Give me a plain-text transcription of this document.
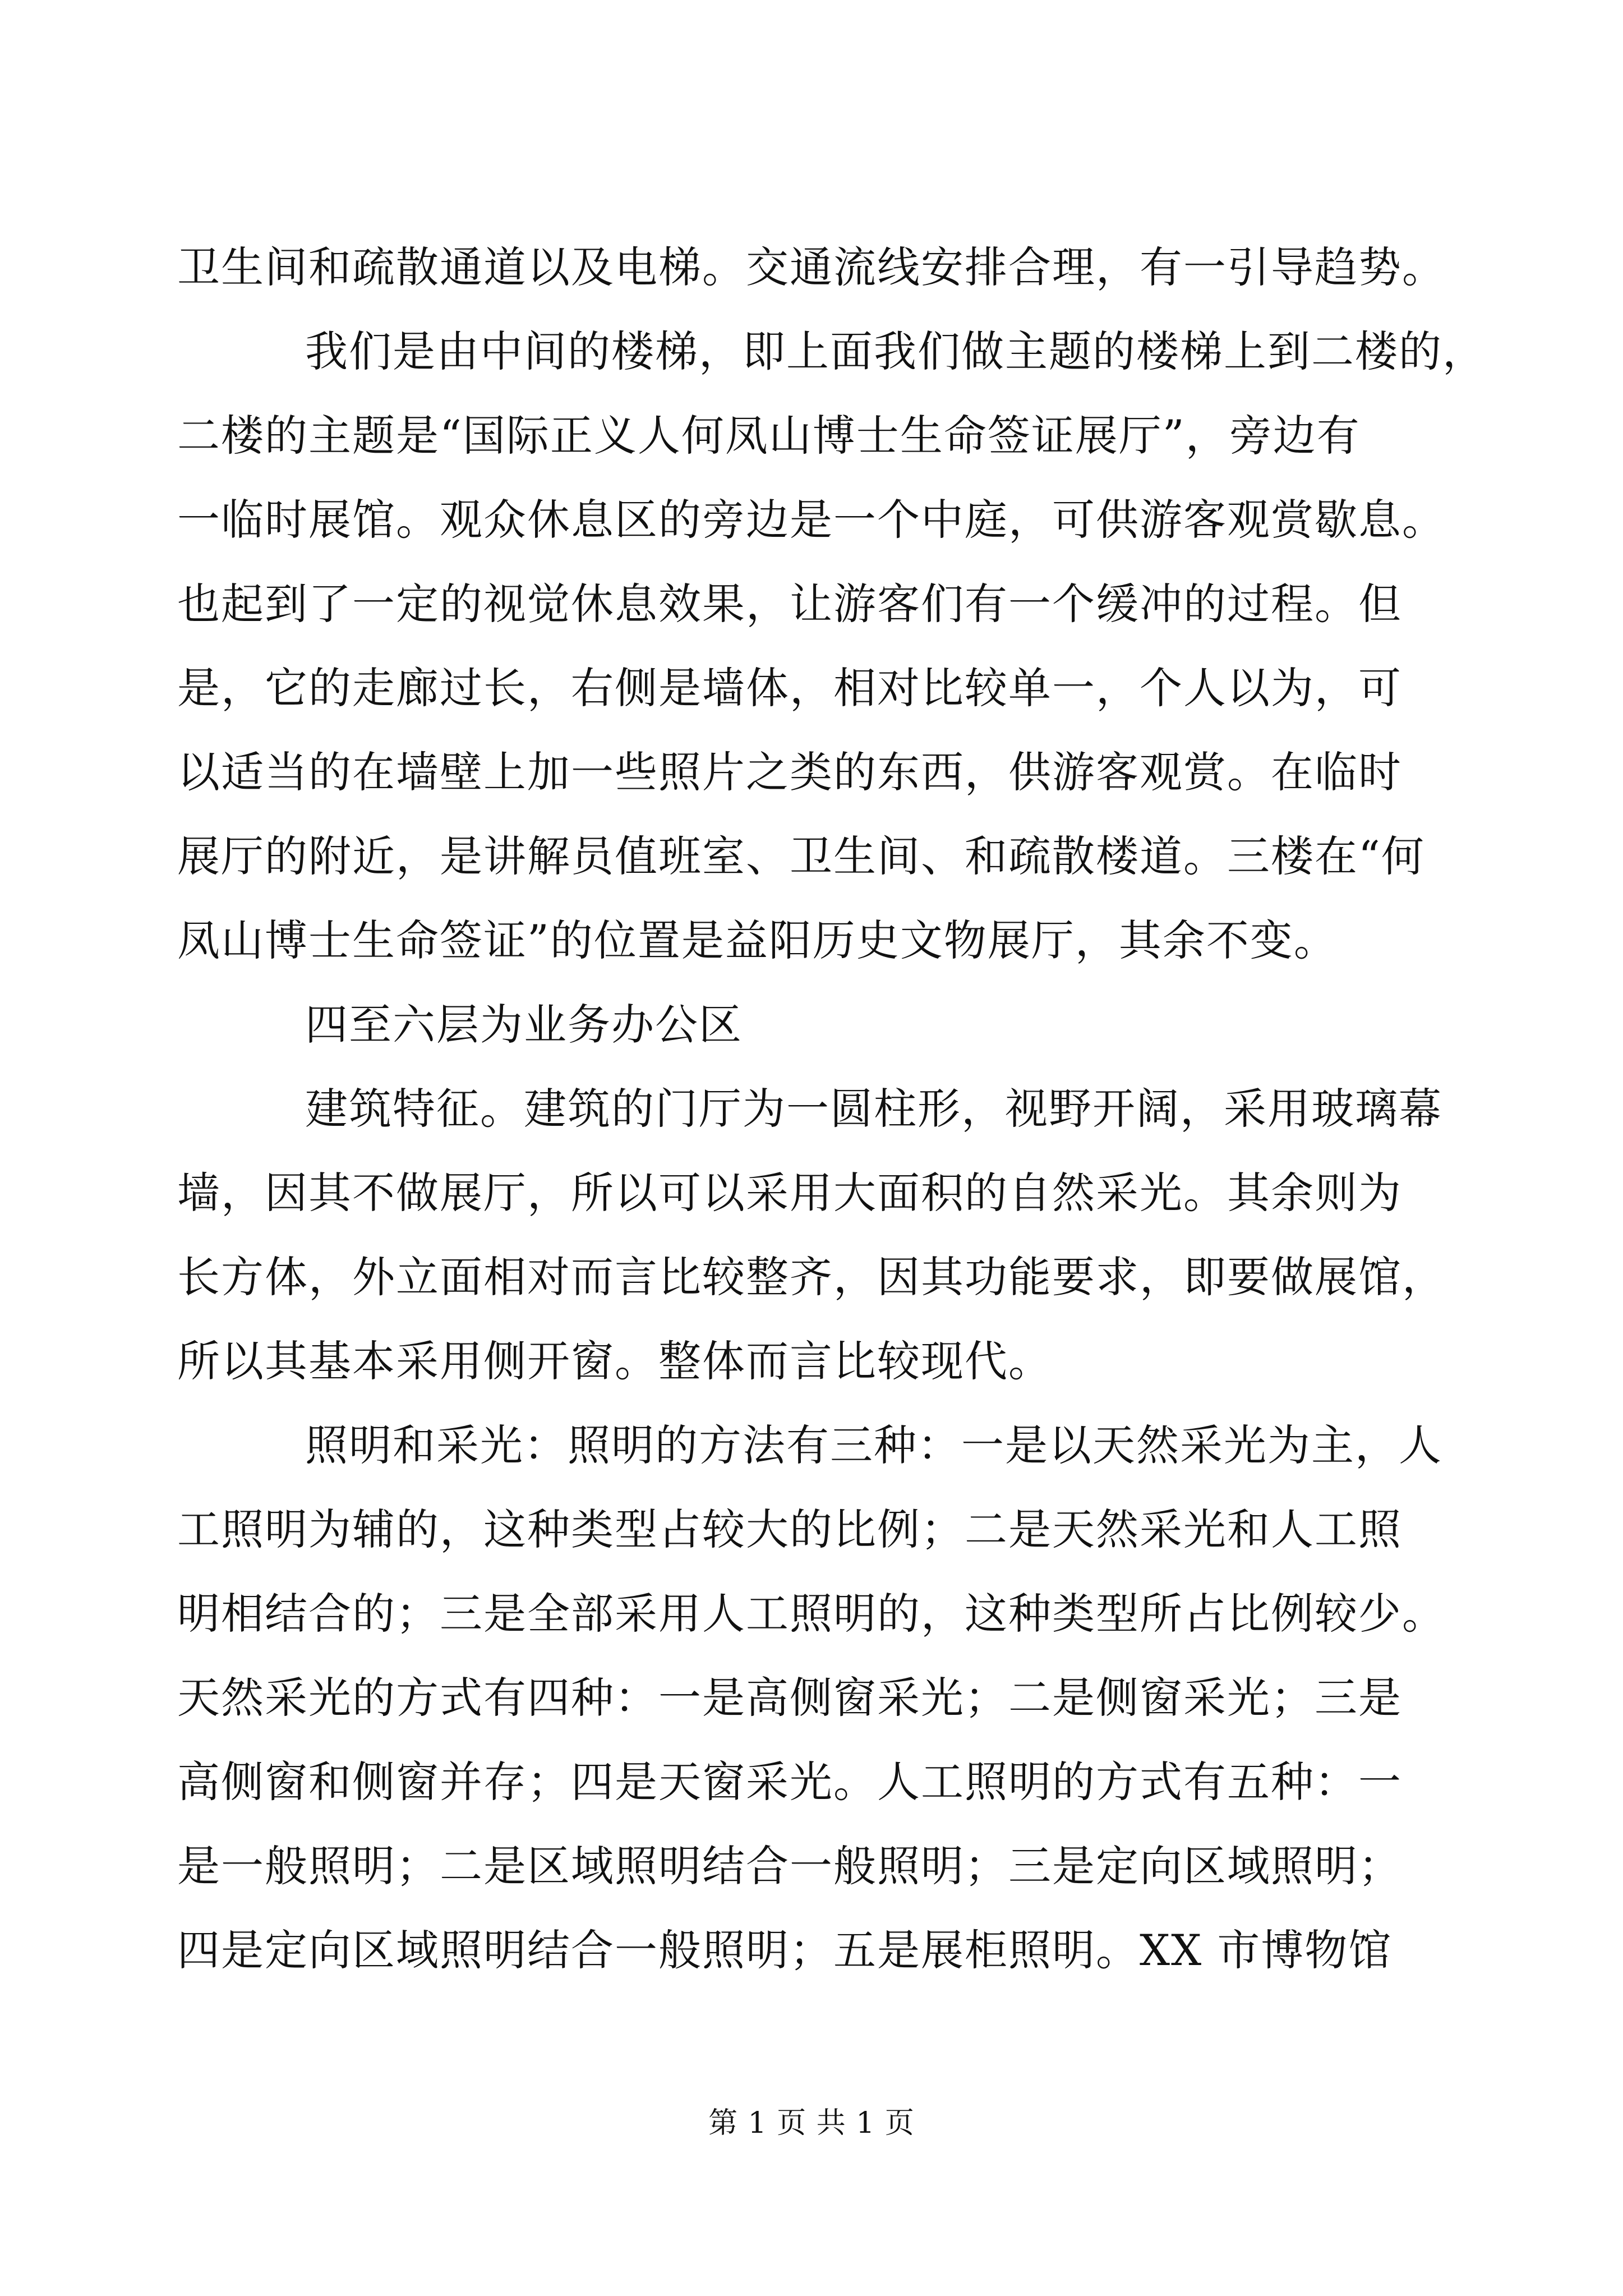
卫生间和疏散通道以及电梯。交通流线安排合理，有一引导趋势。
我们是由中间的楼梯，即上面我们做主题的楼梯上到二楼的，
二楼的主题是“国际正义人何凤山博士生命签证展厅”，旁边有
一临时展馆。观众休息区的旁边是一个中庭，可供游客观赏歇息。
也起到了一定的视觉休息效果，让游客们有一个缓冲的过程。但
是，它的走廊过长，右侧是墙体，相对比较单一，个人以为，可
以适当的在墙壁上加一些照片之类的东西，供游客观赏。在临时
展厅的附近，是讲解员值班室、卫生间、和疏散楼道。三楼在“何
凤山博士生命签证”的位置是益阳历史文物展厅，其余不变。
四至六层为业务办公区
建筑特征。建筑的门厅为一圆柱形，视野开阔，采用玻璃幕
墙，因其不做展厅，所以可以采用大面积的自然采光。其余则为
长方体，外立面相对而言比较整齐，因其功能要求，即要做展馆，
所以其基本采用侧开窗。整体而言比较现代。
照明和采光：照明的方法有三种：一是以天然采光为主，人
工照明为辅的，这种类型占较大的比例；二是天然采光和人工照
明相结合的；三是全部采用人工照明的，这种类型所占比例较少。
天然采光的方式有四种：一是高侧窗采光；二是侧窗采光；三是
高侧窗和侧窗并存；四是天窗采光。人工照明的方式有五种：一
是一般照明；二是区域照明结合一般照明；三是定向区域照明；
四是定向区域照明结合一般照明；五是展柜照明。XX 市博物馆
第 1 页 共 1 页
